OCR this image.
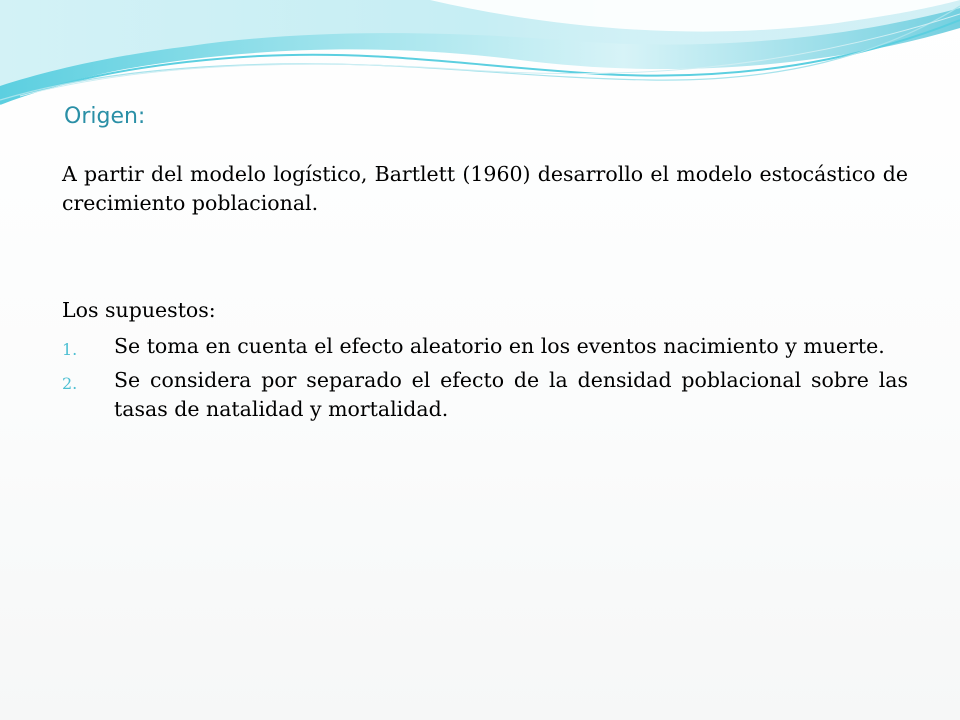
Origen:

A partir del modelo logístico, Bartlett (1960) desarrollo el modelo estocástico de crecimiento poblacional.

Los supuestos:

1. Se toma en cuenta el efecto aleatorio en los eventos nacimiento y muerte.
2. Se considera por separado el efecto de la densidad poblacional sobre las tasas de natalidad y mortalidad.
